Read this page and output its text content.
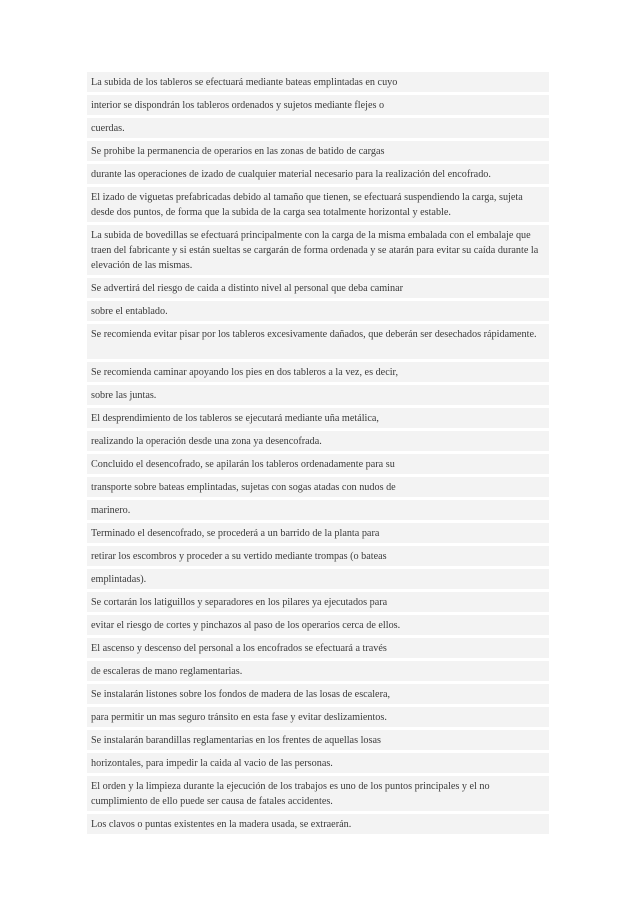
La subida de los tableros se efectuará mediante bateas emplintadas en cuyo
interior se dispondrán los tableros ordenados y sujetos mediante flejes o
cuerdas.
Se prohibe la permanencia de operarios en las zonas de batido de cargas
durante las operaciones de izado de cualquier material necesario para la realización del encofrado.
El izado de viguetas prefabricadas debido al tamaño que tienen, se efectuará suspendiendo la carga, sujeta desde dos puntos, de forma que la subida de la carga sea totalmente horizontal y estable.
La subida de bovedillas se efectuará principalmente con la carga de la misma embalada con el embalaje que traen del fabricante y si están sueltas se cargarán de forma ordenada y se atarán para evitar su caída durante la elevación de las mismas.
Se advertirá del riesgo de caida a distinto nivel al personal que deba caminar
sobre el entablado.
Se recomienda evitar pisar por los tableros excesivamente dañados, que deberán ser desechados rápidamente.
Se recomienda caminar apoyando los pies en dos tableros a la vez, es decir,
sobre las juntas.
El desprendimiento de los tableros se ejecutará mediante uña metálica,
realizando la operación desde una zona ya desencofrada.
Concluido el desencofrado, se apilarán los tableros ordenadamente para su
transporte sobre bateas emplintadas, sujetas con sogas atadas con nudos de
marinero.
Terminado el desencofrado, se procederá a un barrido de la planta para
retirar los escombros y proceder a su vertido mediante trompas (o bateas
emplintadas).
Se cortarán los latiguillos y separadores en los pilares ya ejecutados para
evitar el riesgo de cortes y pinchazos al paso de los operarios cerca de ellos.
El ascenso y descenso del personal a los encofrados se efectuará a través
de escaleras de mano reglamentarias.
Se instalarán listones sobre los fondos de madera de las losas de escalera,
para permitir un mas seguro tránsito en esta fase y evitar deslizamientos.
Se instalarán barandillas reglamentarias en los frentes de aquellas losas
horizontales, para impedir la caida al vacio de las personas.
El orden y la limpieza durante la ejecución de los trabajos es uno de los puntos principales y el no cumplimiento de ello puede ser causa de fatales accidentes.
Los clavos o puntas existentes en la madera usada, se extraerán.
